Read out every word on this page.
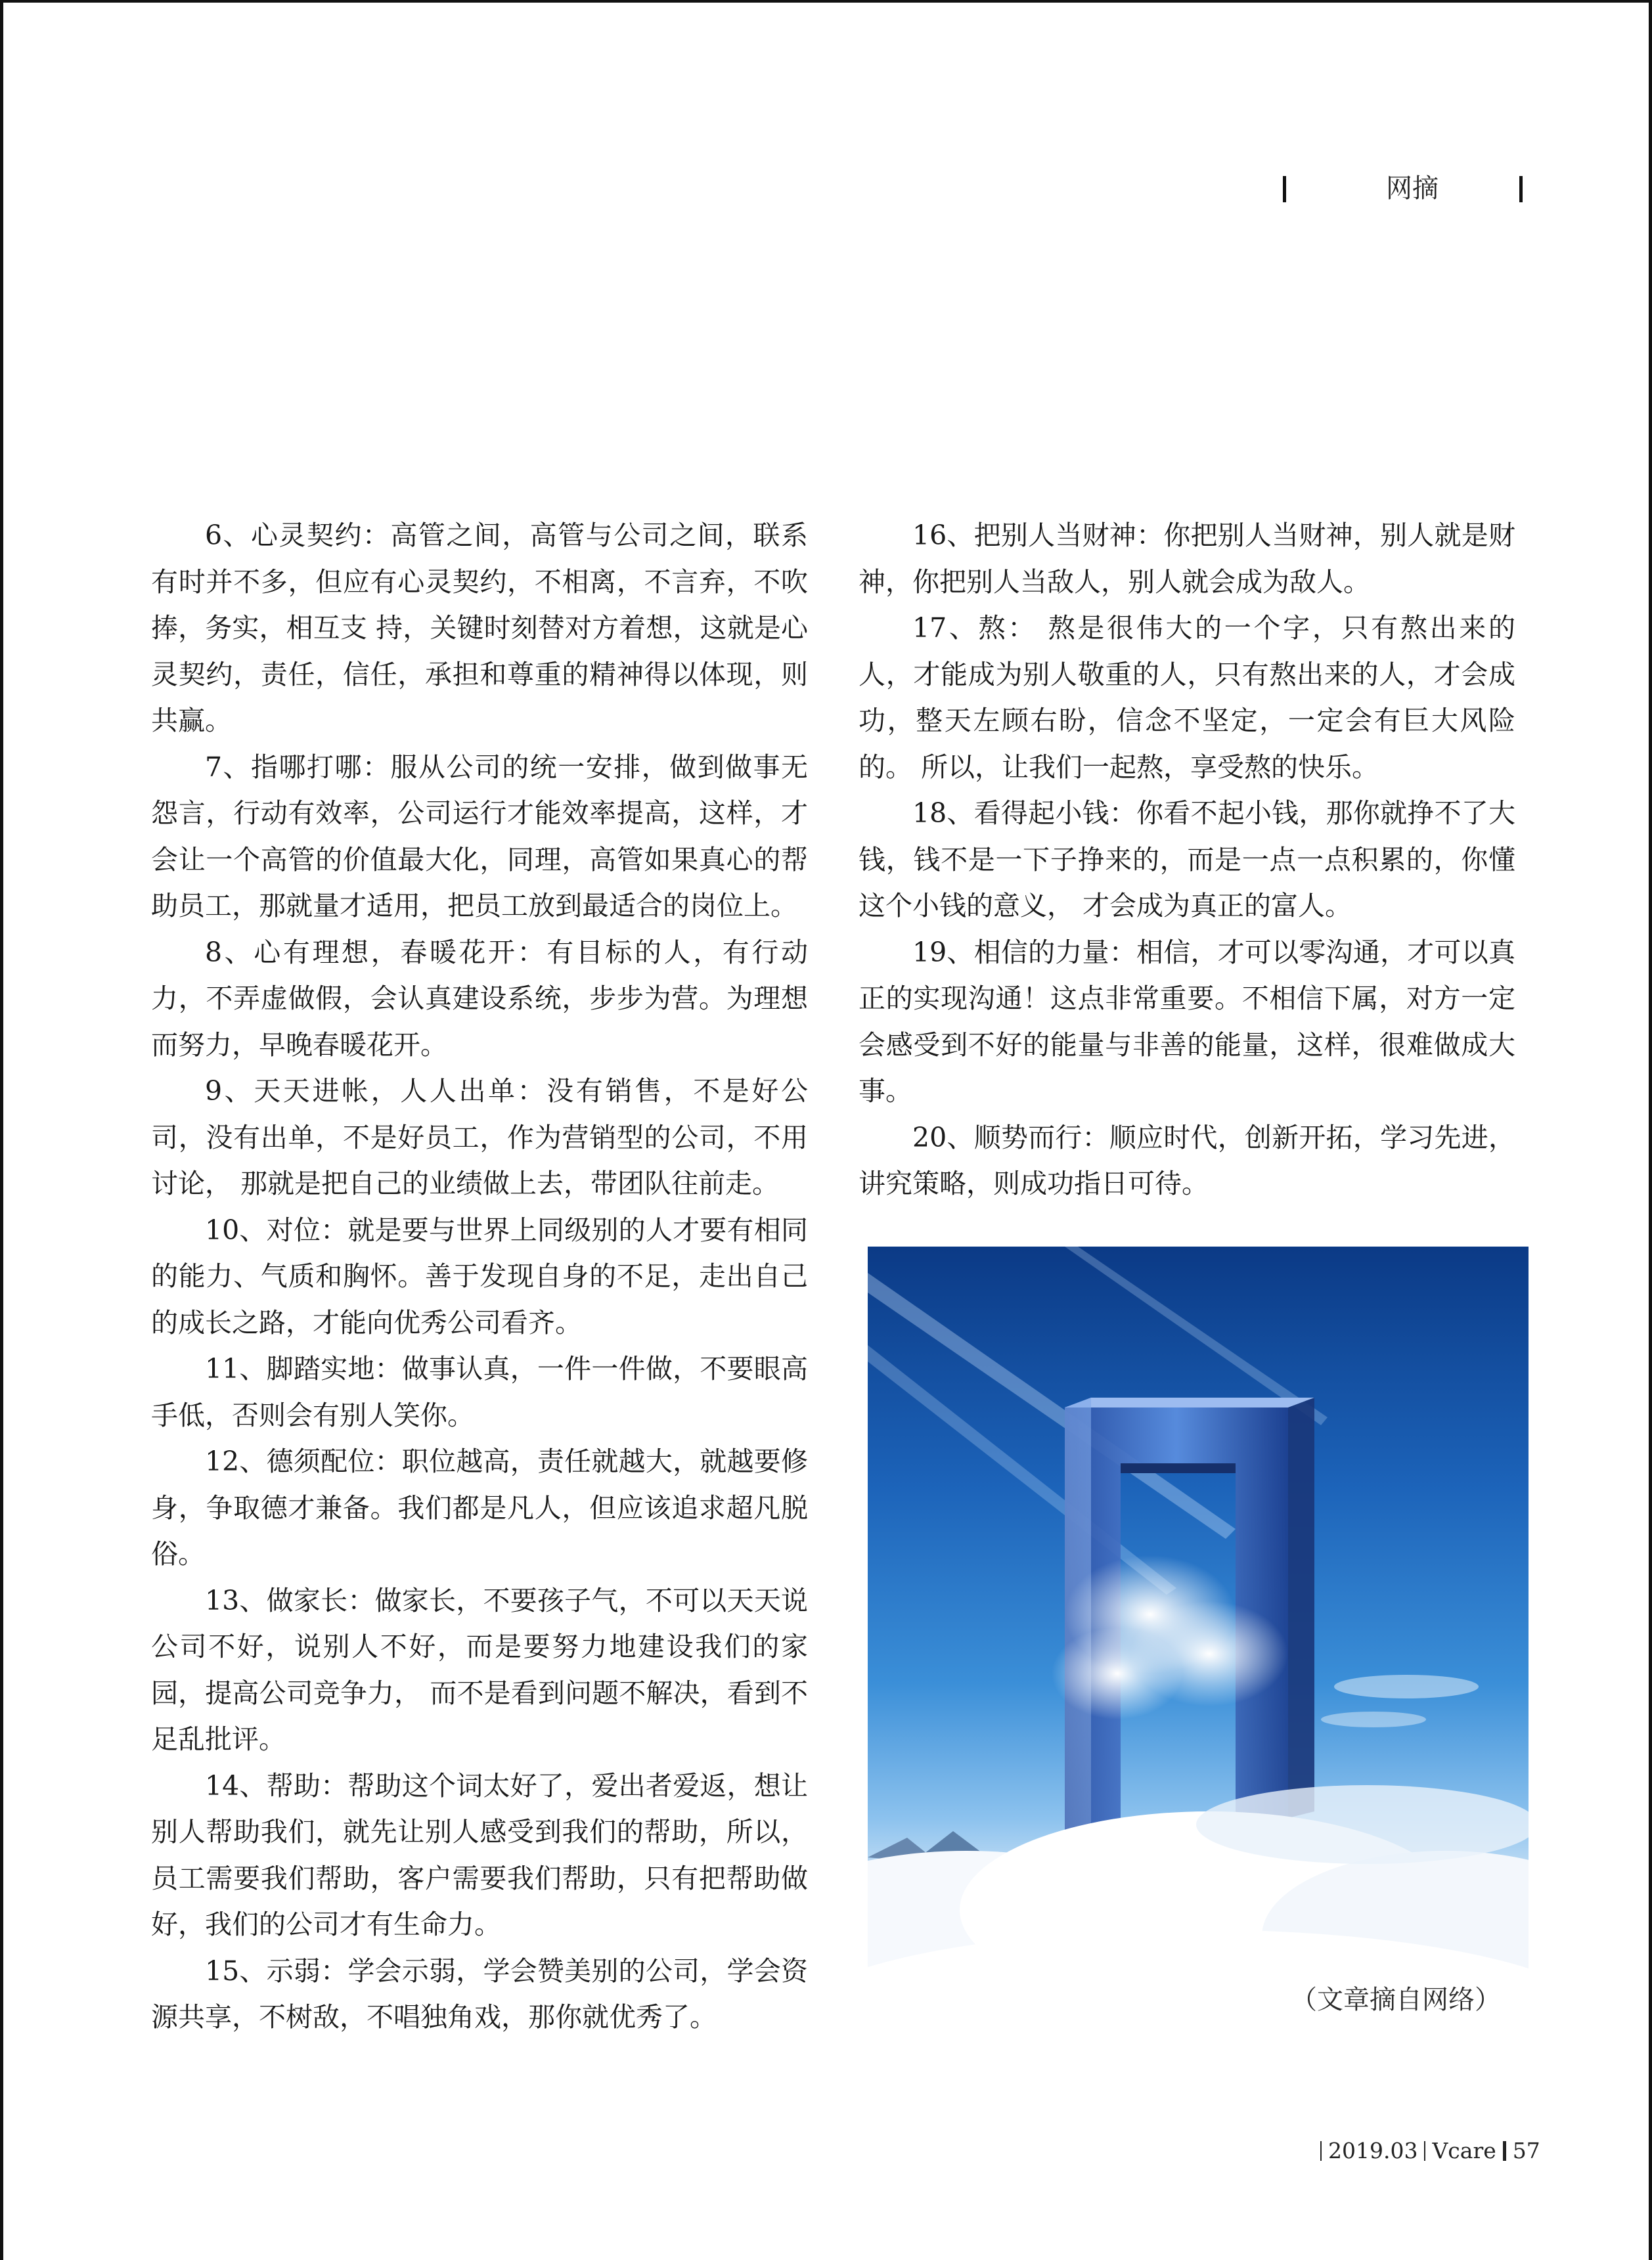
网摘

6、心灵契约：高管之间，高管与公司之间，联系有时并不多，但应有心灵契约，不相离，不言弃，不吹捧，务实，相互支 持，关键时刻替对方着想，这就是心灵契约，责任，信任，承担和尊重的精神得以体现，则共赢。

7、指哪打哪：服从公司的统一安排，做到做事无怨言，行动有效率，公司运行才能效率提高，这样，才会让一个高管的价值最大化，同理，高管如果真心的帮助员工，那就量才适用，把员工放到最适合的岗位上。

8、心有理想，春暖花开：有目标的人，有行动力，不弄虚做假，会认真建设系统，步步为营。为理想而努力，早晚春暖花开。

9、天天进帐，人人出单：没有销售，不是好公司，没有出单，不是好员工，作为营销型的公司，不用讨论， 那就是把自己的业绩做上去，带团队往前走。

10、对位：就是要与世界上同级别的人才要有相同的能力、气质和胸怀。善于发现自身的不足，走出自己的成长之路，才能向优秀公司看齐。

11、脚踏实地：做事认真，一件一件做，不要眼高手低，否则会有别人笑你。

12、德须配位：职位越高，责任就越大，就越要修身，争取德才兼备。我们都是凡人，但应该追求超凡脱俗。

13、做家长：做家长，不要孩子气，不可以天天说公司不好，说别人不好，而是要努力地建设我们的家园，提高公司竞争力， 而不是看到问题不解决，看到不足乱批评。

14、帮助：帮助这个词太好了，爱出者爱返，想让别人帮助我们，就先让别人感受到我们的帮助，所以，员工需要我们帮助，客户需要我们帮助，只有把帮助做好，我们的公司才有生命力。

15、示弱：学会示弱，学会赞美别的公司，学会资源共享，不树敌，不唱独角戏，那你就优秀了。

16、把别人当财神：你把别人当财神，别人就是财神，你把别人当敌人，别人就会成为敌人。

17、熬： 熬是很伟大的一个字，只有熬出来的人，才能成为别人敬重的人，只有熬出来的人，才会成功，整天左顾右盼，信念不坚定，一定会有巨大风险的。 所以，让我们一起熬，享受熬的快乐。

18、看得起小钱：你看不起小钱，那你就挣不了大钱，钱不是一下子挣来的，而是一点一点积累的，你懂这个小钱的意义， 才会成为真正的富人。

19、相信的力量：相信，才可以零沟通，才可以真正的实现沟通！这点非常重要。不相信下属，对方一定会感受到不好的能量与非善的能量，这样，很难做成大事。

20、顺势而行：顺应时代，创新开拓，学习先进，讲究策略，则成功指日可待。

（文章摘自网络）
2019.03 Vcare 57
